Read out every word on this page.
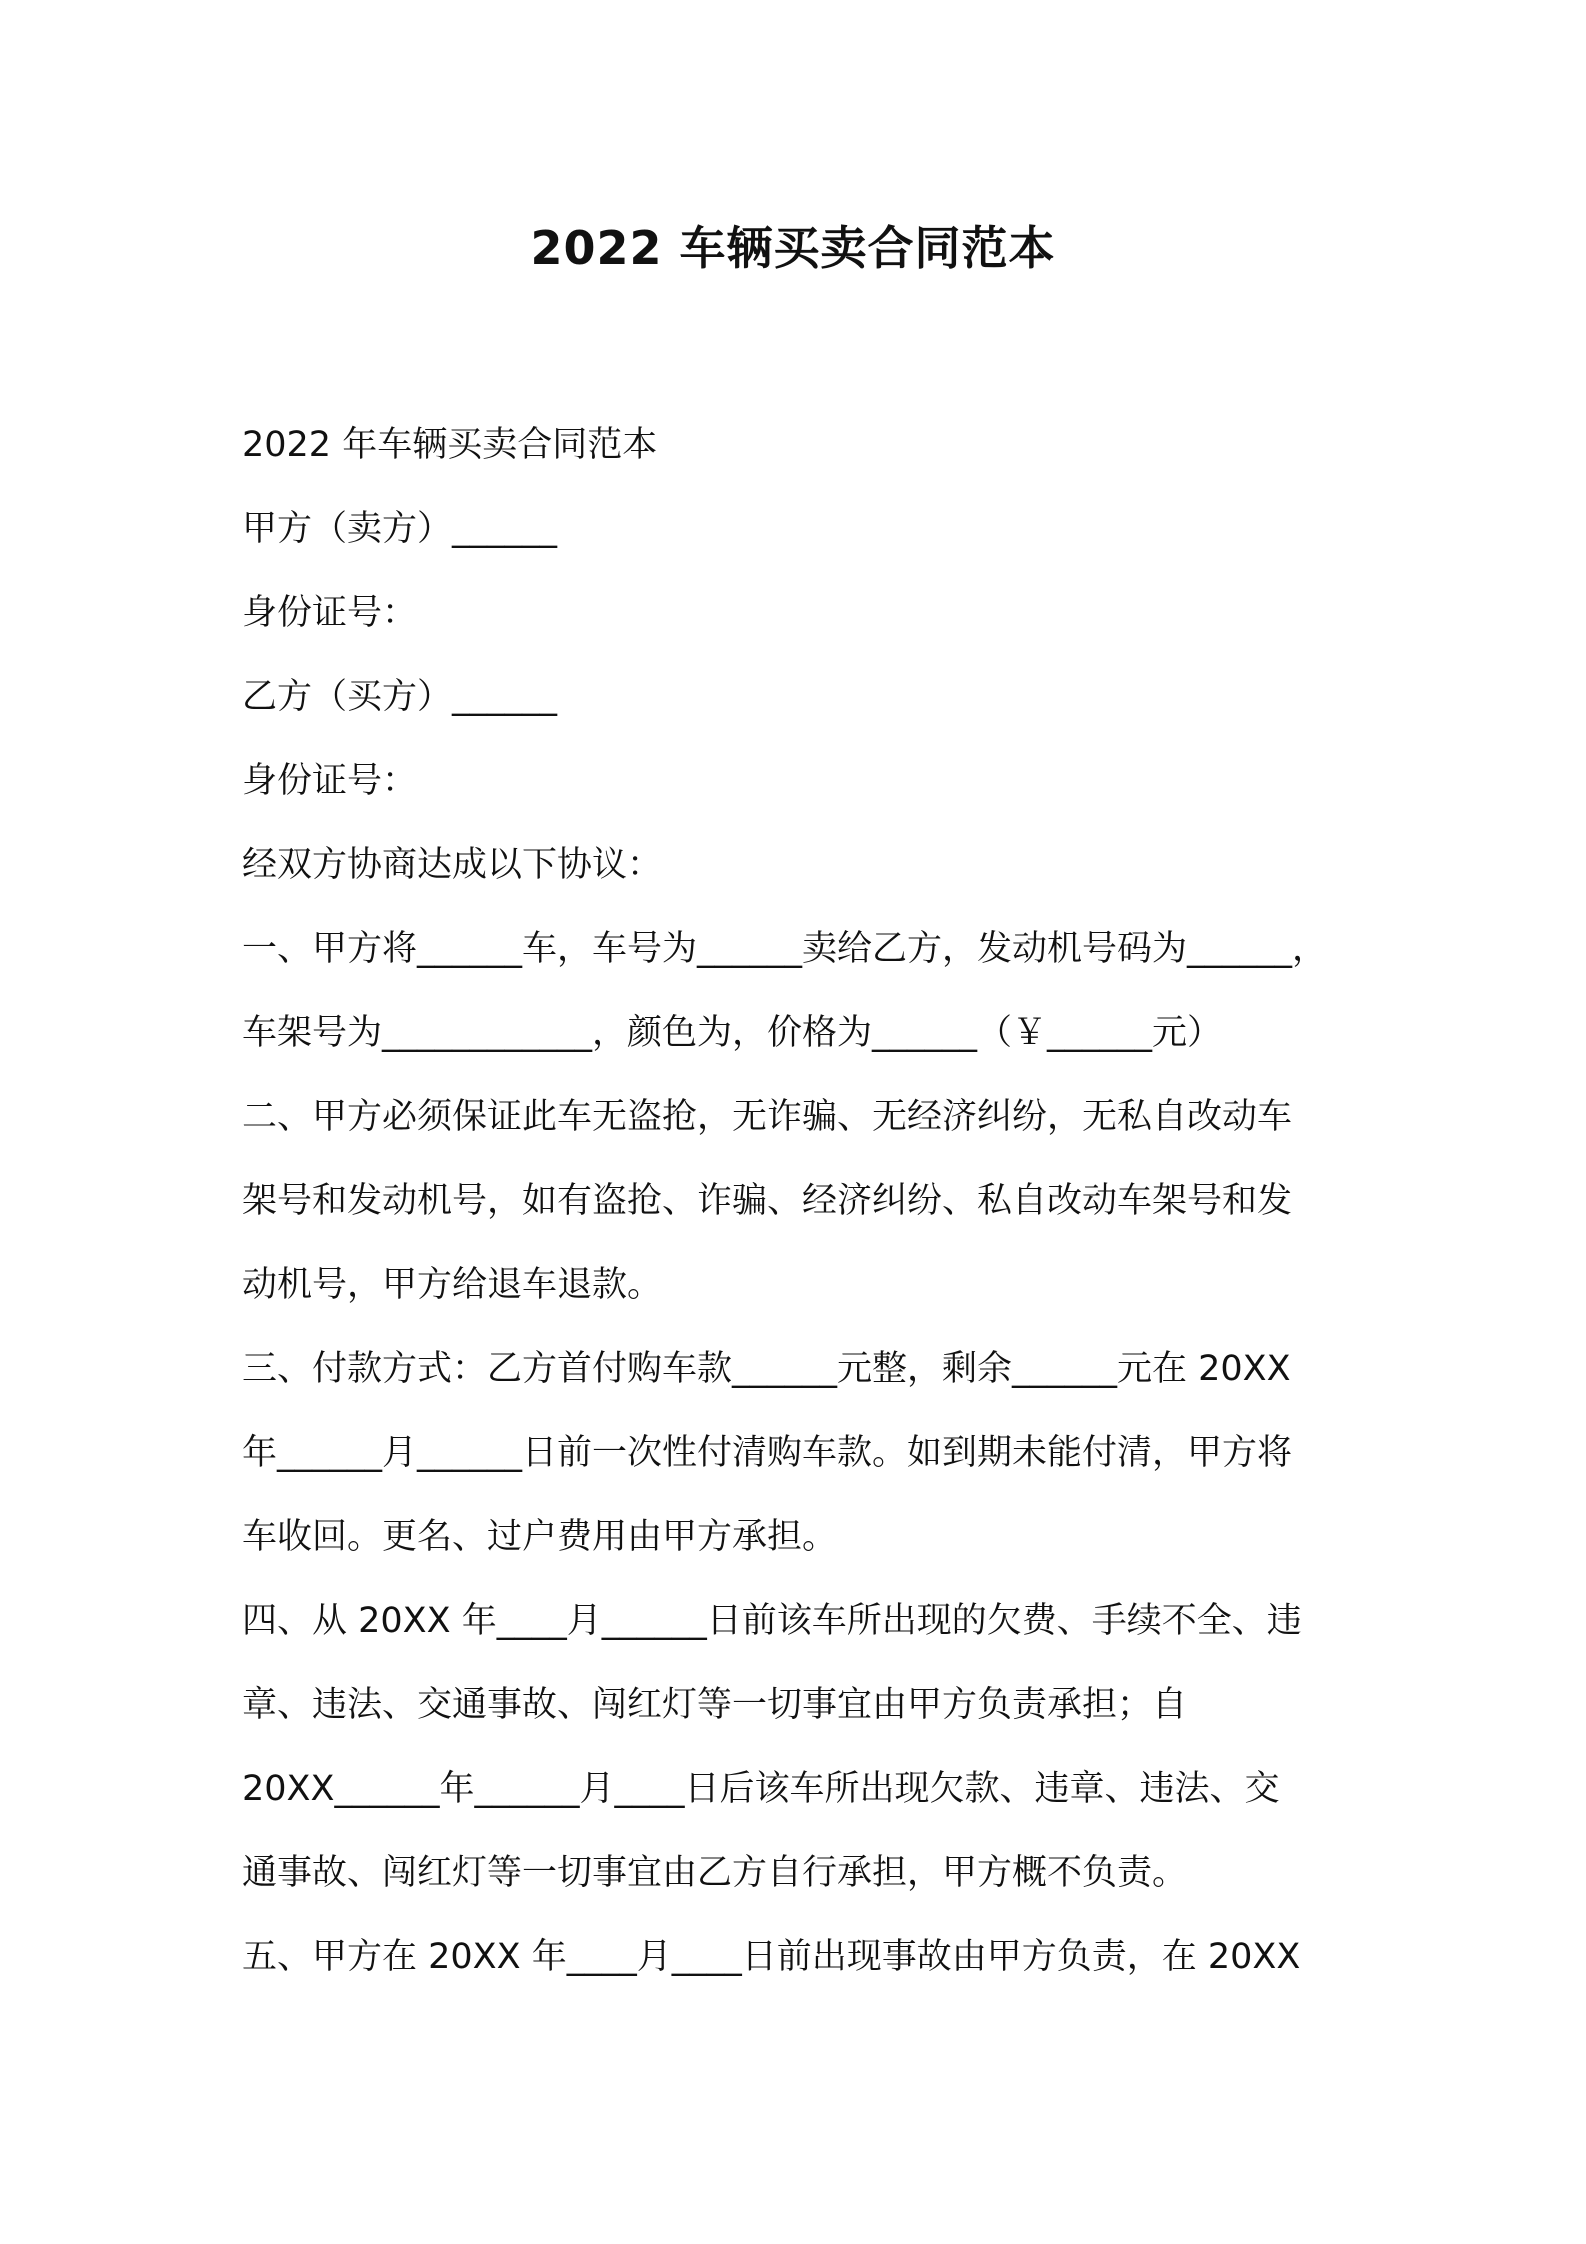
2022 车辆买卖合同范本

2022 年车辆买卖合同范本

甲方（卖方）______

身份证号：

乙方（买方）______

身份证号：

经双方协商达成以下协议：

一、甲方将______车，车号为______卖给乙方，发动机号码为______，

车架号为____________，颜色为，价格为______（￥______元）

二、甲方必须保证此车无盗抢，无诈骗、无经济纠纷，无私自改动车

架号和发动机号，如有盗抢、诈骗、经济纠纷、私自改动车架号和发

动机号，甲方给退车退款。

三、付款方式：乙方首付购车款______元整，剩余______元在 20XX

年______月______日前一次性付清购车款。如到期未能付清，甲方将

车收回。更名、过户费用由甲方承担。

四、从 20XX 年____月______日前该车所出现的欠费、手续不全、违

章、违法、交通事故、闯红灯等一切事宜由甲方负责承担；自

20XX______年______月____日后该车所出现欠款、违章、违法、交

通事故、闯红灯等一切事宜由乙方自行承担，甲方概不负责。

五、甲方在 20XX 年____月____日前出现事故由甲方负责，在 20XX
